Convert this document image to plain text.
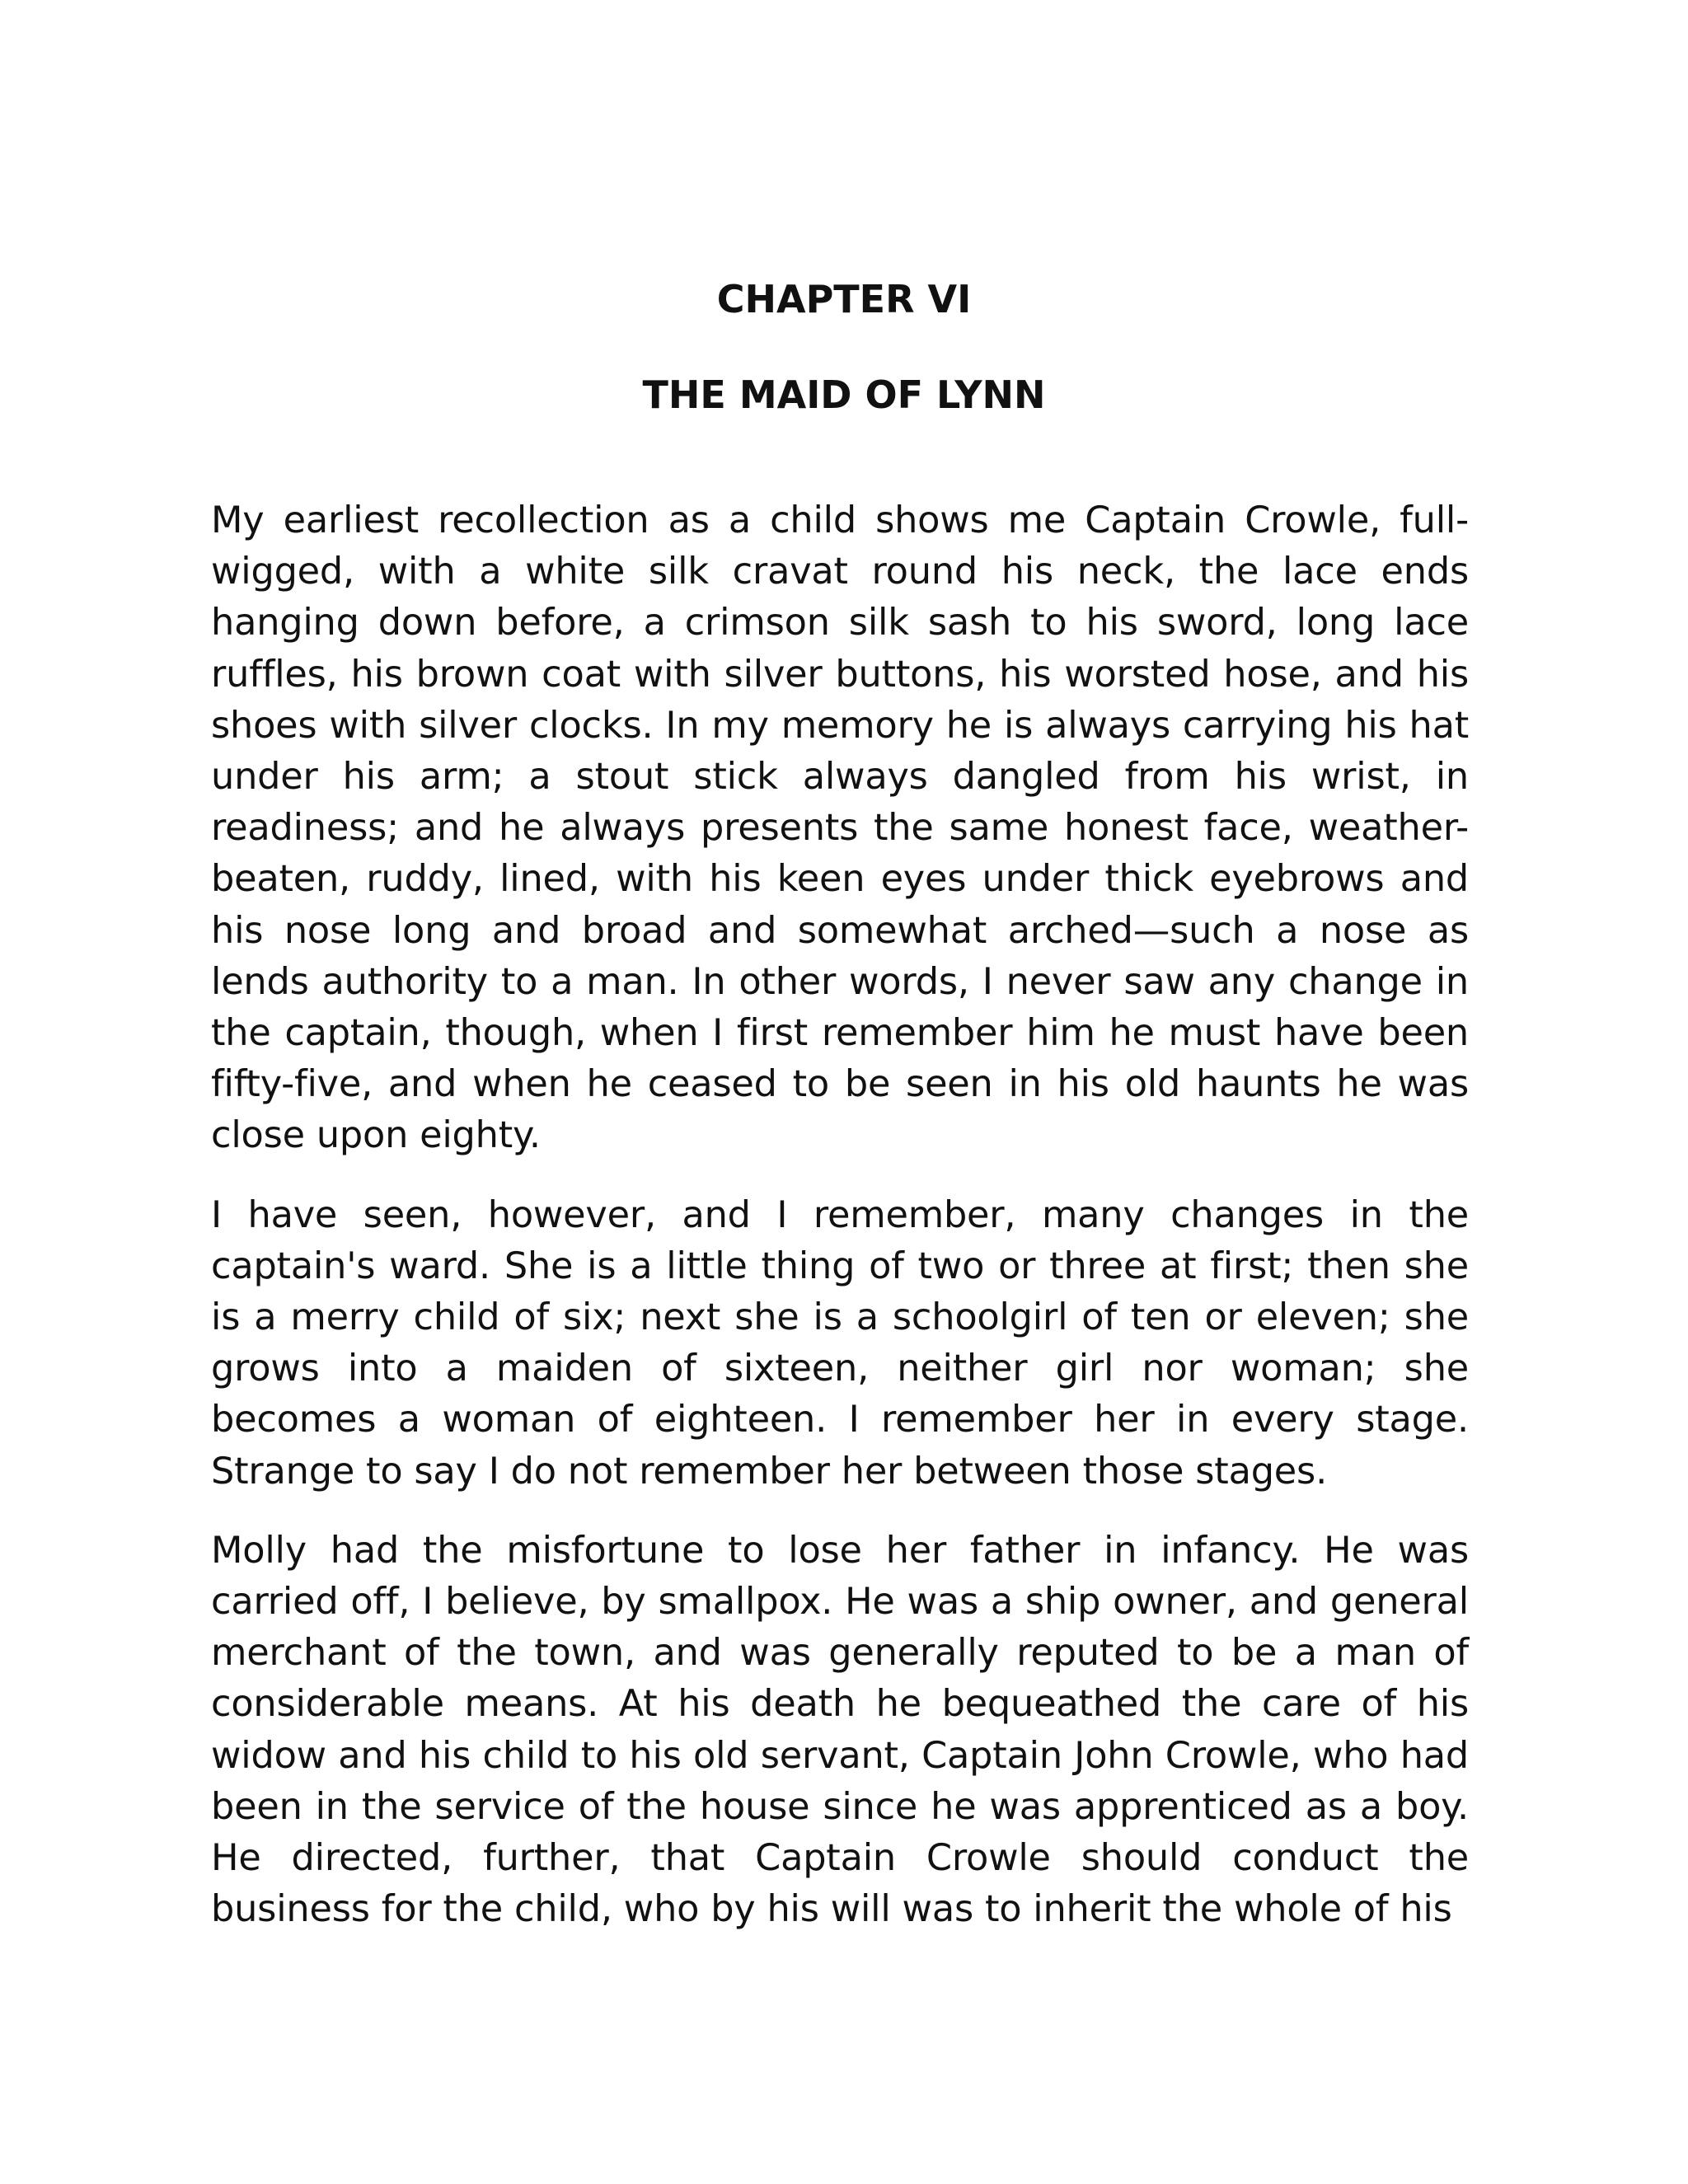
CHAPTER VI
THE MAID OF LYNN

My earliest recollection as a child shows me Captain Crowle, full-wigged, with a white silk cravat round his neck, the lace ends hanging down before, a crimson silk sash to his sword, long lace ruffles, his brown coat with silver buttons, his worsted hose, and his shoes with silver clocks. In my memory he is always carrying his hat under his arm; a stout stick always dangled from his wrist, in readiness; and he always presents the same honest face, weather-beaten, ruddy, lined, with his keen eyes under thick eyebrows and his nose long and broad and somewhat arched—such a nose as lends authority to a man. In other words, I never saw any change in the captain, though, when I first remember him he must have been fifty-five, and when he ceased to be seen in his old haunts he was close upon eighty.

I have seen, however, and I remember, many changes in the captain's ward. She is a little thing of two or three at first; then she is a merry child of six; next she is a schoolgirl of ten or eleven; she grows into a maiden of sixteen, neither girl nor woman; she becomes a woman of eighteen. I remember her in every stage. Strange to say I do not remember her between those stages.

Molly had the misfortune to lose her father in infancy. He was carried off, I believe, by smallpox. He was a ship owner, and general merchant of the town, and was generally reputed to be a man of considerable means. At his death he bequeathed the care of his widow and his child to his old servant, Captain John Crowle, who had been in the service of the house since he was apprenticed as a boy. He directed, further, that Captain Crowle should conduct the business for the child, who by his will was to inherit the whole of his
